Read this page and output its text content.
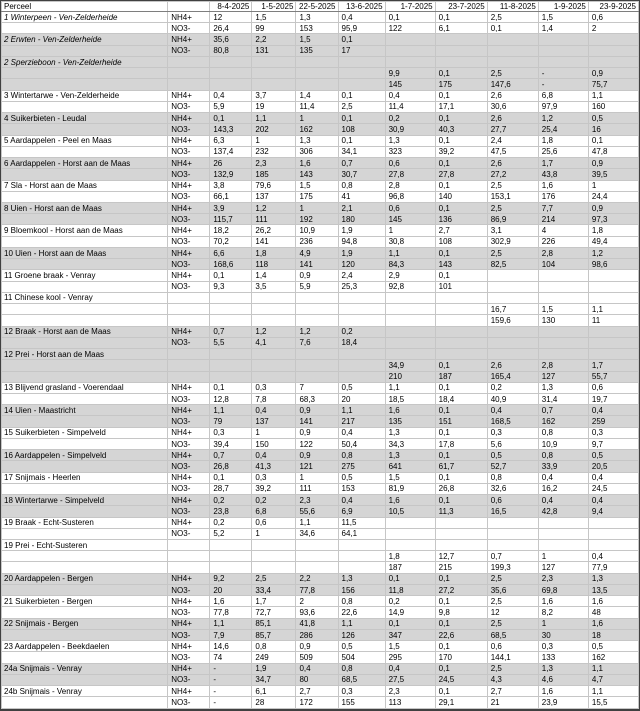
Perceel		8-4-2025	1-5-2025	22-5-2025	13-6-2025	1-7-2025	23-7-2025	11-8-2025	1-9-2025	23-9-2025
1 Winterpeen - Ven-Zelderheide	NH4+	12	1,5	1,3	0,4	0,1	0,1	2,5	1,5	0,6
	NO3-	26,4	99	153	95,9	122	6,1	0,1	1,4	2
2 Erwten - Ven-Zelderheide	NH4+	35,6	2,2	1,5	0,1					
	NO3-	80,8	131	135	17					
2 Sperzieboon - Ven-Zelderheide										
						9,9	0,1	2,5	-	0,9
						145	175	147,6	-	75,7
3 Wintertarwe - Ven-Zelderheide	NH4+	0,4	3,7	1,4	0,1	0,4	0,1	2,6	6,8	1,1
	NO3-	5,9	19	11,4	2,5	11,4	17,1	30,6	97,9	160
4 Suikerbieten - Leudal	NH4+	0,1	1,1	1	0,1	0,2	0,1	2,6	1,2	0,5
	NO3-	143,3	202	162	108	30,9	40,3	27,7	25,4	16
5 Aardappelen - Peel en Maas	NH4+	6,3	1	1,3	0,1	1,3	0,1	2,4	1,8	0,1
	NO3-	137,4	232	306	34,1	323	39,2	47,5	25,6	47,8
6 Aardappelen - Horst aan de Maas	NH4+	26	2,3	1,6	0,7	0,6	0,1	2,6	1,7	0,9
	NO3-	132,9	185	143	30,7	27,8	27,8	27,2	43,8	39,5
7 Sla - Horst aan de Maas	NH4+	3,8	79,6	1,5	0,8	2,8	0,1	2,5	1,6	1
	NO3-	66,1	137	175	41	96,8	140	153,1	176	24,4
8 Uien - Horst aan de Maas	NH4+	3,9	1,2	1	2,1	0,6	0,1	2,5	7,7	0,9
	NO3-	115,7	111	192	180	145	136	86,9	214	97,3
9 Bloemkool - Horst aan de Maas	NH4+	18,2	26,2	10,9	1,9	1	2,7	3,1	4	1,8
	NO3-	70,2	141	236	94,8	30,8	108	302,9	226	49,4
10 Uien - Horst aan de Maas	NH4+	6,6	1,8	4,9	1,9	1,1	0,1	2,5	2,8	1,2
	NO3-	168,6	118	141	120	84,3	143	82,5	104	98,6
11 Groene braak - Venray	NH4+	0,1	1,4	0,9	2,4	2,9	0,1			
	NO3-	9,3	3,5	5,9	25,3	92,8	101			
11 Chinese kool - Venray										
								16,7	1,5	1,1
								159,6	130	11
12 Braak - Horst aan de Maas	NH4+	0,7	1,2	1,2	0,2					
	NO3-	5,5	4,1	7,6	18,4					
12 Prei - Horst aan de Maas										
						34,9	0,1	2,6	2,8	1,7
						210	187	165,4	127	55,7
13 Blijvend grasland - Voerendaal	NH4+	0,1	0,3	7	0,5	1,1	0,1	0,2	1,3	0,6
	NO3-	12,8	7,8	68,3	20	18,5	18,4	40,9	31,4	19,7
14 Uien - Maastricht	NH4+	1,1	0,4	0,9	1,1	1,6	0,1	0,4	0,7	0,4
	NO3-	79	137	141	217	135	151	168,5	162	259
15 Suikerbieten - Simpelveld	NH4+	0,3	1	0,9	0,4	1,3	0,1	0,3	0,8	0,3
	NO3-	39,4	150	122	50,4	34,3	17,8	5,6	10,9	9,7
16 Aardappelen - Simpelveld	NH4+	0,7	0,4	0,9	0,8	1,3	0,1	0,5	0,8	0,5
	NO3-	26,8	41,3	121	275	641	61,7	52,7	33,9	20,5
17 Snijmais - Heerlen	NH4+	0,1	0,3	1	0,5	1,5	0,1	0,8	0,4	0,4
	NO3-	28,7	39,2	111	153	81,9	26,8	32,6	16,2	24,5
18 Wintertarwe - Simpelveld	NH4+	0,2	0,2	2,3	0,4	1,6	0,1	0,6	0,4	0,4
	NO3-	23,8	6,8	55,6	6,9	10,5	11,3	16,5	42,8	9,4
19 Braak - Echt-Susteren	NH4+	0,2	0,6	1,1	11,5					
	NO3-	5,2	1	34,6	64,1					
19 Prei - Echt-Susteren										
						1,8	12,7	0,7	1	0,4
						187	215	199,3	127	77,9
20 Aardappelen - Bergen	NH4+	9,2	2,5	2,2	1,3	0,1	0,1	2,5	2,3	1,3
	NO3-	20	33,4	77,8	156	11,8	27,2	35,6	69,8	13,5
21 Suikerbieten - Bergen	NH4+	1,6	1,7	2	0,8	0,2	0,1	2,5	1,6	1,6
	NO3-	77,8	72,7	93,6	22,6	14,9	9,8	12	8,2	48
22 Snijmais - Bergen	NH4+	1,1	85,1	41,8	1,1	0,1	0,1	2,5	1	1,6
	NO3-	7,9	85,7	286	126	347	22,6	68,5	30	18
23 Aardappelen - Beekdaelen	NH4+	14,6	0,8	0,9	0,5	1,5	0,1	0,6	0,3	0,5
	NO3-	74	249	509	504	295	170	144,1	133	162
24a Snijmais - Venray	NH4+	-	1,9	0,4	0,8	0,4	0,1	2,5	1,3	1,1
	NO3-	-	34,7	80	68,5	27,5	24,5	4,3	4,6	4,7
24b Snijmais - Venray	NH4+	-	6,1	2,7	0,3	2,3	0,1	2,7	1,6	1,1
	NO3-	-	28	172	155	113	29,1	21	23,9	15,5
